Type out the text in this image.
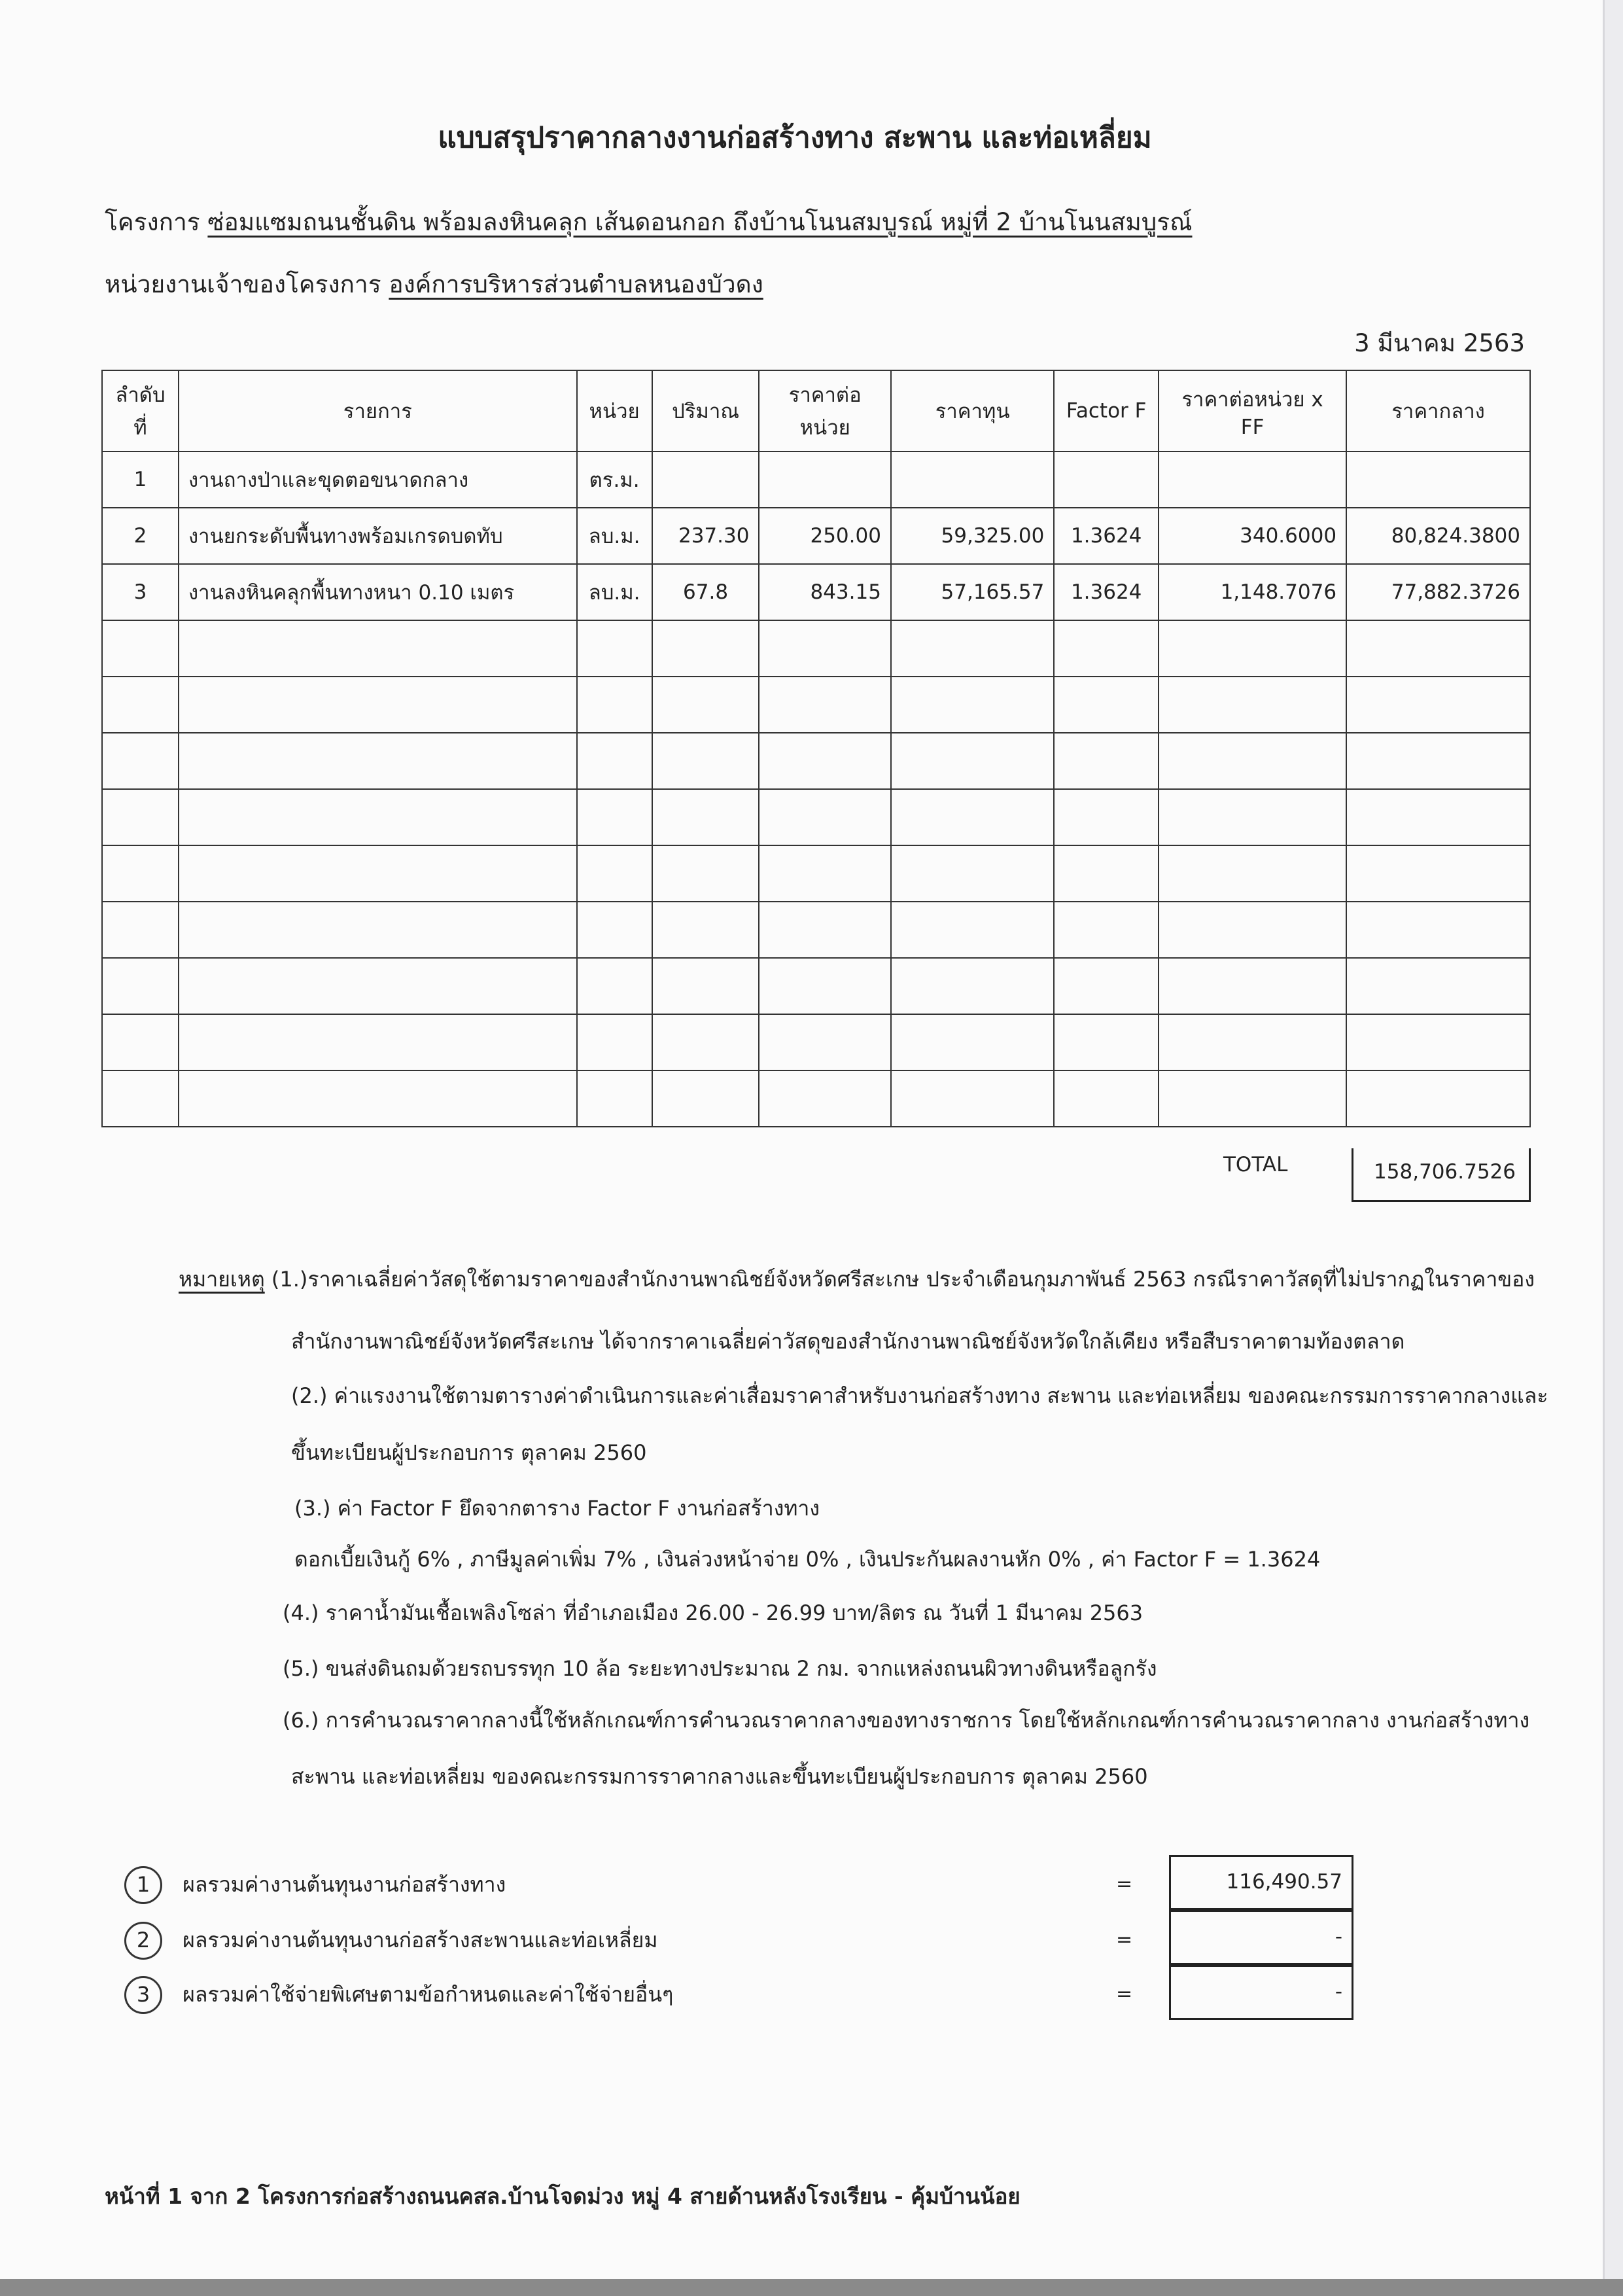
แบบสรุปราคากลางงานก่อสร้างทาง สะพาน และท่อเหลี่ยม
โครงการ ซ่อมแซมถนนชั้นดิน พร้อมลงหินคลุก เส้นดอนกอก ถึงบ้านโนนสมบูรณ์ หมู่ที่ 2 บ้านโนนสมบูรณ์
หน่วยงานเจ้าของโครงการ องค์การบริหารส่วนตำบลหนองบัวดง
3 มีนาคม 2563
ลำดับที่	รายการ	หน่วย	ปริมาณ	ราคาต่อหน่วย	ราคาทุน	Factor F	ราคาต่อหน่วย x FF	ราคากลาง
1	งานถางป่าและขุดตอขนาดกลาง	ตร.ม.						
2	งานยกระดับพื้นทางพร้อมเกรดบดทับ	ลบ.ม.	237.30	250.00	59,325.00	1.3624	340.6000	80,824.3800
3	งานลงหินคลุกพื้นทางหนา 0.10 เมตร	ลบ.ม.	67.8	843.15	57,165.57	1.3624	1,148.7076	77,882.3726

TOTAL	158,706.7526
หมายเหตุ (1.)ราคาเฉลี่ยค่าวัสดุใช้ตามราคาของสำนักงานพาณิชย์จังหวัดศรีสะเกษ ประจำเดือนกุมภาพันธ์ 2563 กรณีราคาวัสดุที่ไม่ปรากฏในราคาของ
สำนักงานพาณิชย์จังหวัดศรีสะเกษ ได้จากราคาเฉลี่ยค่าวัสดุของสำนักงานพาณิชย์จังหวัดใกล้เคียง หรือสืบราคาตามท้องตลาด
(2.) ค่าแรงงานใช้ตามตารางค่าดำเนินการและค่าเสื่อมราคาสำหรับงานก่อสร้างทาง สะพาน และท่อเหลี่ยม ของคณะกรรมการราคากลางและ
ขึ้นทะเบียนผู้ประกอบการ ตุลาคม 2560
(3.) ค่า Factor F ยึดจากตาราง Factor F งานก่อสร้างทาง
ดอกเบี้ยเงินกู้ 6% , ภาษีมูลค่าเพิ่ม 7% , เงินล่วงหน้าจ่าย 0% , เงินประกันผลงานหัก 0% , ค่า Factor F = 1.3624
(4.) ราคาน้ำมันเชื้อเพลิงโซล่า ที่อำเภอเมือง 26.00 - 26.99 บาท/ลิตร ณ วันที่ 1 มีนาคม 2563
(5.) ขนส่งดินถมด้วยรถบรรทุก 10 ล้อ ระยะทางประมาณ 2 กม. จากแหล่งถนนผิวทางดินหรือลูกรัง
(6.) การคำนวณราคากลางนี้ใช้หลักเกณฑ์การคำนวณราคากลางของทางราชการ โดยใช้หลักเกณฑ์การคำนวณราคากลาง งานก่อสร้างทาง
สะพาน และท่อเหลี่ยม ของคณะกรรมการราคากลางและขึ้นทะเบียนผู้ประกอบการ ตุลาคม 2560
1 ผลรวมค่างานต้นทุนงานก่อสร้างทาง	=	116,490.57
2 ผลรวมค่างานต้นทุนงานก่อสร้างสะพานและท่อเหลี่ยม	=	-
3 ผลรวมค่าใช้จ่ายพิเศษตามข้อกำหนดและค่าใช้จ่ายอื่นๆ	=	-
หน้าที่ 1 จาก 2 โครงการก่อสร้างถนนคสล.บ้านโจดม่วง หมู่ 4 สายด้านหลังโรงเรียน - คุ้มบ้านน้อย
